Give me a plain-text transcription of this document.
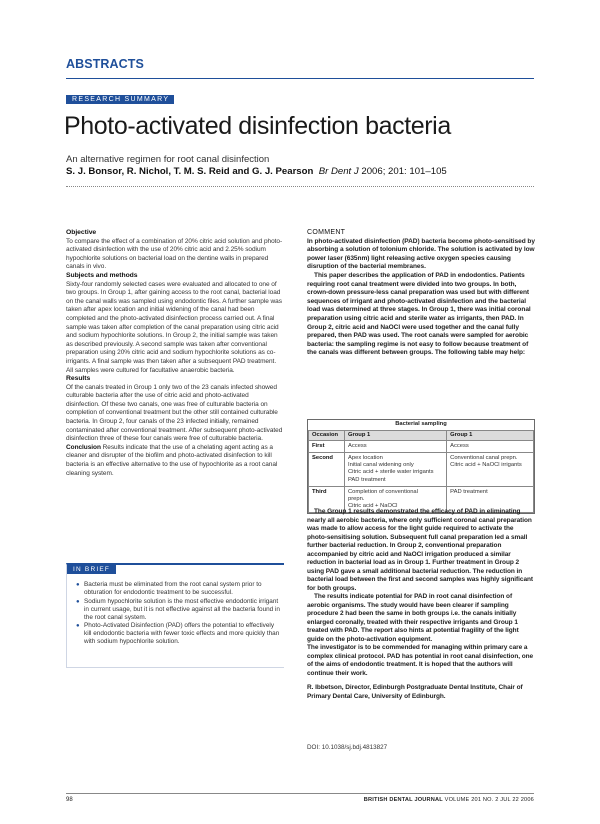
ABSTRACTS
RESEARCH SUMMARY
Photo-activated disinfection bacteria
An alternative regimen for root canal disinfection
S. J. Bonsor, R. Nichol, T. M. S. Reid and G. J. Pearson Br Dent J 2006; 201: 101–105
Objective

To compare the effect of a combination of 20% citric acid solution and photo-activated disinfection with the use of 20% citric acid and 2.25% sodium hypochlorite solutions on bacterial load on the dentine walls in prepared canals in vivo.

Subjects and methods

Sixty-four randomly selected cases were evaluated and allocated to one of two groups. In Group 1, after gaining access to the root canal, bacterial load on the canal walls was sampled using endodontic files. A further sample was taken after apex location and initial widening of the canal had been completed and the photo-activated disinfection process carried out. A final sample was taken after completion of the canal preparation using citric acid and sodium hypochlorite solutions. In Group 2, the initial sample was taken as described previously. A second sample was taken after conventional preparation using 20% citric acid and sodium hypochlorite solutions as co-irrigants. A final sample was then taken after a subsequent PAD treatment. All samples were cultured for facultative anaerobic bacteria.

Results

Of the canals treated in Group 1 only two of the 23 canals infected showed culturable bacteria after the use of citric acid and photo-activated disinfection. Of these two canals, one was free of culturable bacteria on completion of conventional treatment but the other still contained culturable bacteria. In Group 2, four canals of the 23 infected initially, remained contaminated after conventional treatment. After subsequent photo-activated disinfection three of these four canals were free of culturable bacteria.

Conclusion Results indicate that the use of a chelating agent acting as a cleaner and disrupter of the biofilm and photo-activated disinfection to kill bacteria is an effective alternative to the use of hypochlorite as a root canal cleaning system.

IN BRIEF
● Bacteria must be eliminated from the root canal system prior to obturation for endodontic treatment to be successful.
● Sodium hypochlorite solution is the most effective endodontic irrigant in current usage, but it is not effective against all the bacteria found in the root canal system.
● Photo-Activated Disinfection (PAD) offers the potential to effectively kill endodontic bacteria with fewer toxic effects and more quickly than with sodium hypochlorite solution.
COMMENT

In photo-activated disinfection (PAD) bacteria become photo-sensitised by absorbing a solution of tolonium chloride. The solution is activated by low power laser (635nm) light releasing active oxygen species causing disruption of the bacterial membranes.

This paper describes the application of PAD in endodontics. Patients requiring root canal treatment were divided into two groups. In both, crown-down pressure-less canal preparation was used but with different sequences of irrigant and photo-activated disinfection and the bacterial load was determined at three stages. In Group 1, there was initial coronal preparation using citric acid and sterile water as irrigants, then PAD. In Group 2, citric acid and NaOCl were used together and the canal fully prepared, then PAD was used. The root canals were sampled for aerobic bacteria: the sampling regime is not easy to follow because treatment of the canals was different between groups. The following table may help:

Bacterial sampling
Occasion	Group 1	Group 1
First	Access	Access
Second	Apex location
Initial canal widening only
Citric acid + sterile water irrigants
PAD treatment	Conventional canal prepn.
Citric acid + NaOCl irrigants
Third	Completion of conventional
prepn.
Citric acid + NaOCl	PAD treatment

The Group 1 results demonstrated the efficacy of PAD in eliminating nearly all aerobic bacteria, where only sufficient coronal canal preparation was made to allow access for the light guide required to activate the photo-sensitising solution. Subsequent full canal preparation led a small further bacterial reduction. In Group 2, conventional preparation accompanied by citric acid and NaOCl irrigation produced a similar reduction in bacterial load as in Group 1. Further treatment in Group 2 using PAD gave a small additional bacterial reduction. The reduction in bacterial load between the first and second samples was highly significant for both groups.

The results indicate potential for PAD in root canal disinfection of aerobic organisms. The study would have been clearer if sampling procedure 2 had been the same in both groups i.e. the canals initially enlarged coronally, treated with their respective irrigants and Group 1 treated with PAD. The report also hints at potential fragility of the light guide on the photo-activation equipment.

The investigator is to be commended for managing within primary care a complex clinical protocol. PAD has potential in root canal disinfection, one of the aims of endodontic treatment. It is hoped that the authors will continue their work.

R. Ibbetson, Director, Edinburgh Postgraduate Dental Institute, Chair of Primary Dental Care, University of Edinburgh.

DOI: 10.1038/sj.bdj.4813827
98	BRITISH DENTAL JOURNAL VOLUME 201 NO. 2 JUL 22 2006
